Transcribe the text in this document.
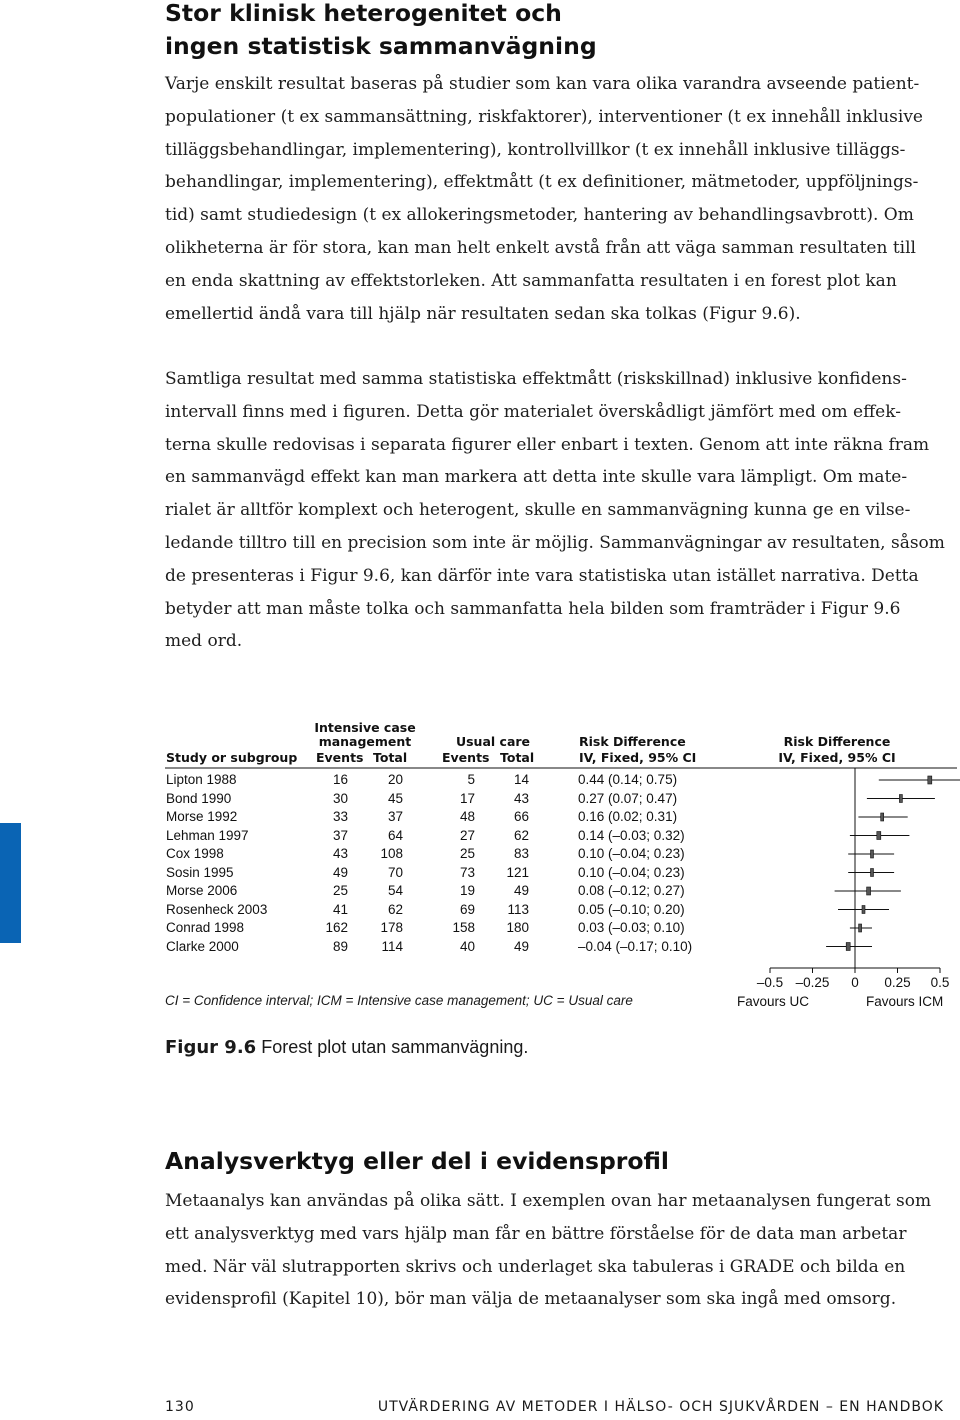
Stor klinisk heterogenitet och
ingen statistisk sammanvägning
Varje enskilt resultat baseras på studier som kan vara olika varandra avseende patient-
populationer (t ex sammansättning, riskfaktorer), interventioner (t ex innehåll inklusive
tilläggsbehandlingar, implementering), kontrollvillkor (t ex innehåll inklusive tilläggs-
behandlingar, implementering), effektmått (t ex definitioner, mätmetoder, uppföljnings-
tid) samt studiedesign (t ex allokeringsmetoder, hantering av behandlingsavbrott). Om
olikheterna är för stora, kan man helt enkelt avstå från att väga samman resultaten till
en enda skattning av effektstorleken. Att sammanfatta resultaten i en forest plot kan
emellertid ändå vara till hjälp när resultaten sedan ska tolkas (Figur 9.6).
Samtliga resultat med samma statistiska effektmått (riskskillnad) inklusive konfidens-
intervall finns med i figuren. Detta gör materialet överskådligt jämfört med om effek-
terna skulle redovisas i separata figurer eller enbart i texten. Genom att inte räkna fram
en sammanvägd effekt kan man markera att detta inte skulle vara lämpligt. Om mate-
rialet är alltför komplext och heterogent, skulle en sammanvägning kunna ge en vilse-
ledande tilltro till en precision som inte är möjlig. Sammanvägningar av resultaten, såsom
de presenteras i Figur 9.6, kan därför inte vara statistiska utan istället narrativa. Detta
betyder att man måste tolka och sammanfatta hela bilden som framträder i Figur 9.6
med ord.
Study or subgroup
Intensive case
management
Events Total
Usual care
Events Total
Risk Difference
IV, Fixed, 95% CI
Risk Difference
IV, Fixed, 95% CI
Lipton 1988	16	20	5	14	0.44 (0.14; 0.75)
Bond 1990	30	45	17	43	0.27 (0.07; 0.47)
Morse 1992	33	37	48	66	0.16 (0.02; 0.31)
Lehman 1997	37	64	27	62	0.14 (–0.03; 0.32)
Cox 1998	43	108	25	83	0.10 (–0.04; 0.23)
Sosin 1995	49	70	73	121	0.10 (–0.04; 0.23)
Morse 2006	25	54	19	49	0.08 (–0.12; 0.27)
Rosenheck 2003	41	62	69	113	0.05 (–0.10; 0.20)
Conrad 1998	162	178	158	180	0.03 (–0.03; 0.10)
Clarke 2000	89	114	40	49	–0.04 (–0.17; 0.10)
–0.5 –0.25	0	0.25	0.5
Favours UC	Favours ICM
CI = Confidence interval; ICM = Intensive case management; UC = Usual care
Figur 9.6 Forest plot utan sammanvägning.
Analysverktyg eller del i evidensprofil
Metaanalys kan användas på olika sätt. I exemplen ovan har metaanalysen fungerat som
ett analysverktyg med vars hjälp man får en bättre förståelse för de data man arbetar
med. När väl slutrapporten skrivs och underlaget ska tabuleras i GRADE och bilda en
evidensprofil (Kapitel 10), bör man välja de metaanalyser som ska ingå med omsorg.
130	UTVÄRDERING AV METODER I HÄLSO- OCH SJUKVÅRDEN – EN HANDBOK
